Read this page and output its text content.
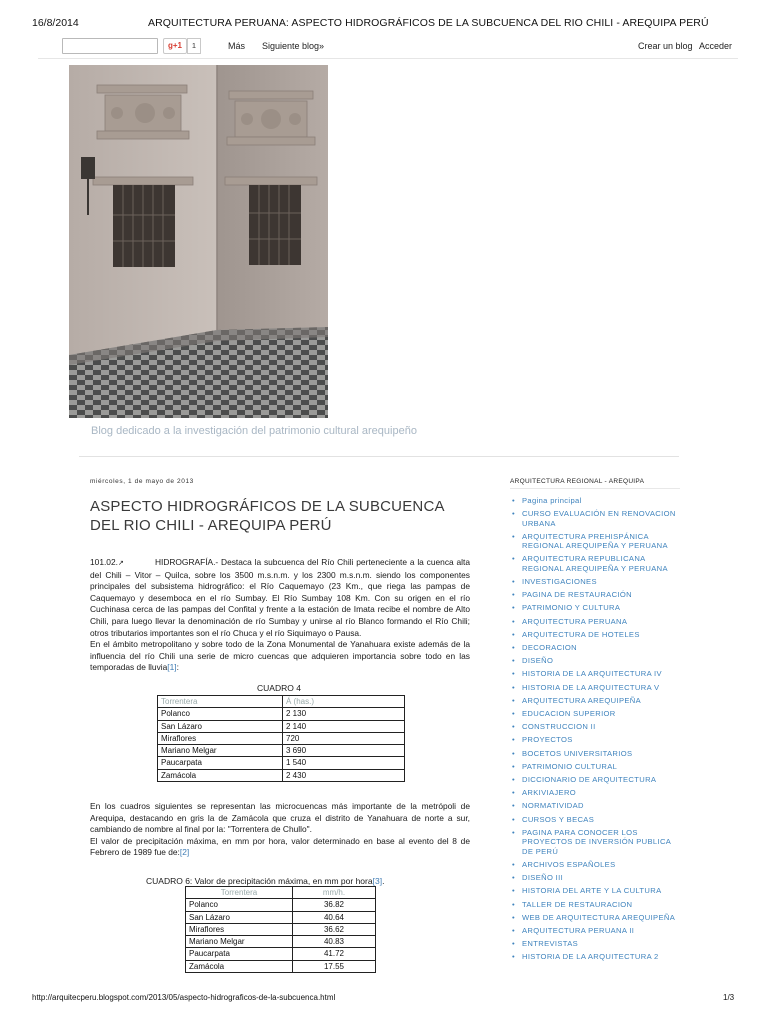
16/8/2014	ARQUITECTURA PERUANA: ASPECTO HIDROGRÁFICOS DE LA SUBCUENCA DEL RIO CHILI - AREQUIPA PERÚ
g+1	1	Más Siguiente blog»	Crear un blog Acceder
Blog dedicado a la investigación del patrimonio cultural arequipeño
miércoles, 1 de mayo de 2013
ASPECTO HIDROGRÁFICOS DE LA SUBCUENCA DEL RIO CHILI - AREQUIPA PERÚ
101.02.↗	HIDROGRAFÍA.- Destaca la subcuenca del Río Chili perteneciente a la cuenca alta del Chili – Vitor – Quilca, sobre los 3500 m.s.n.m. y los 2300 m.s.n.m. siendo los componentes principales del subsistema hidrográfico: el Río Caquemayo (23 Km., que riega las pampas de Caquemayo y desemboca en el río Sumbay. El Río Sumbay 108 Km. Con su origen en el río Cuchinasa cerca de las pampas del Confital y frente a la estación de Imata recibe el nombre de Alto Chili, para luego llevar la denominación de río Sumbay y unirse al río Blanco formando el Río Chili; otros tributarios importantes son el río Chuca y el río Siquimayo o Pausa.
En el ámbito metropolitano y sobre todo de la Zona Monumental de Yanahuara existe además de la influencia del río Chili una serie de micro cuencas que adquieren importancia sobre todo en las temporadas de lluvia[1]:
CUADRO 4
Torrentera	Á (has.)
Polanco	2 130
San Lázaro	2 140
Miraflores	720
Mariano Melgar	3 690
Paucarpata	1 540
Zamácola	2 430
En los cuadros siguientes se representan las microcuencas más importante de la metrópoli de Arequipa, destacando en gris la de Zamácola que cruza el distrito de Yanahuara de norte a sur, cambiando de nombre al final por la: "Torrentera de Chullo".
El valor de precipitación máxima, en mm por hora, valor determinado en base al evento del 8 de Febrero de 1989 fue de:[2]
CUADRO 6: Valor de precipitación máxima, en mm por hora[3].
Torrentera	mm/h.
Polanco	36.82
San Lázaro	40.64
Miraflores	36.62
Mariano Melgar	40.83
Paucarpata	41.72
Zamácola	17.55
ARQUITECTURA REGIONAL - AREQUIPA
• Pagina principal
• CURSO EVALUACIÓN EN RENOVACION URBANA
• ARQUITECTURA PREHISPÁNICA REGIONAL AREQUIPEÑA Y PERUANA
• ARQUITECTURA REPUBLICANA REGIONAL AREQUIPEÑA Y PERUANA
• INVESTIGACIONES
• PAGINA DE RESTAURACIÓN
• PATRIMONIO Y CULTURA
• ARQUITECTURA PERUANA
• ARQUITECTURA DE HOTELES
• DECORACION
• DISEÑO
• HISTORIA DE LA ARQUITECTURA IV
• HISTORIA DE LA ARQUITECTURA V
• ARQUITECTURA AREQUIPEÑA
• EDUCACION SUPERIOR
• CONSTRUCCION II
• PROYECTOS
• BOCETOS UNIVERSITARIOS
• PATRIMONIO CULTURAL
• DICCIONARIO DE ARQUITECTURA
• ARKIVIAJERO
• NORMATIVIDAD
• CURSOS Y BECAS
• PAGINA PARA CONOCER LOS PROYECTOS DE INVERSIÓN PUBLICA DE PERÚ
• ARCHIVOS ESPAÑOLES
• DISEÑO III
• HISTORIA DEL ARTE Y LA CULTURA
• TALLER DE RESTAURACION
• WEB DE ARQUITECTURA AREQUIPEÑA
• ARQUITECTURA PERUANA II
• ENTREVISTAS
• HISTORIA DE LA ARQUITECTURA 2
http://arquitecperu.blogspot.com/2013/05/aspecto-hidrograficos-de-la-subcuenca.html	1/3
